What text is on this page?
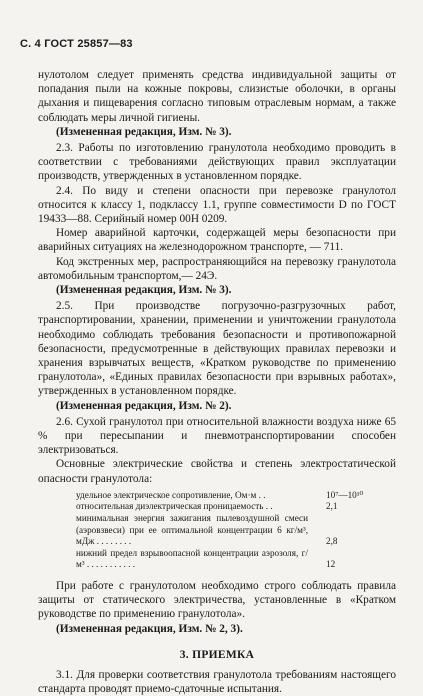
С. 4 ГОСТ 25857—83

нулотолом следует применять средства индивидуальной защиты от попадания пыли на кожные покровы, слизистые оболочки, в органы дыхания и пищеварения согласно типовым отраслевым нормам, а также соблюдать меры личной гигиены.

(Измененная редакция, Изм. № 3).

2.3. Работы по изготовлению гранулотола необходимо проводить в соответствии с требованиями действующих правил эксплуатации производств, утвержденных в установленном порядке.

2.4. По виду и степени опасности при перевозке гранулотол относится к классу 1, подклассу 1.1, группе совместимости D по ГОСТ 19433—88. Серийный номер 00Н 0209.

Номер аварийной карточки, содержащей меры безопасности при аварийных ситуациях на железнодорожном транспорте, — 711.

Код экстренных мер, распространяющийся на перевозку гранулотола автомобильным транспортом,— 24Э.

(Измененная редакция, Изм. № 3).

2.5. При производстве погрузочно-разгрузочных работ, транспортировании, хранении, применении и уничтожении гранулотола необходимо соблюдать требования безопасности и противопожарной безопасности, предусмотренные в действующих правилах перевозки и хранения взрывчатых веществ, «Кратком руководстве по применению гранулотола», «Единых правилах безопасности при взрывных работах», утвержденных в установленном порядке.

(Измененная редакция, Изм. № 2).

2.6. Сухой гранулотол при относительной влажности воздуха ниже 65 % при пересыпании и пневмотранспортировании способен электризоваться.

Основные электрические свойства и степень электростатической опасности гранулотола:

удельное электрическое сопротивление, Ом·м . .	10⁷—10¹⁰
относительная диэлектрическая проницаемость . .	2,1
минимальная энергия зажигания пылевоздушной смеси (аэровзвеси) при ее оптимальной концентрации 6 кг/м³, мДж . . . . . . . .	2,8
нижний предел взрывоопасной концентрации аэрозоля, г/м³ . . . . . . . . . . .	12

При работе с гранулотолом необходимо строго соблюдать правила защиты от статического электричества, установленные в «Кратком руководстве по применению гранулотола».

(Измененная редакция, Изм. № 2, 3).

3. ПРИЕМКА

3.1. Для проверки соответствия гранулотола требованиям настоящего стандарта проводят приемо-сдаточные испытания.
